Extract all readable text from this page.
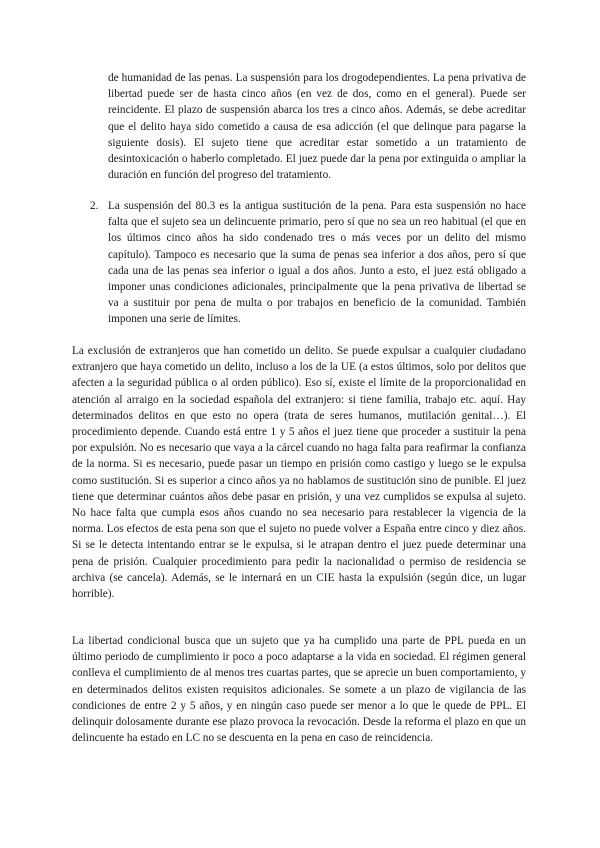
de humanidad de las penas. La suspensión para los drogodependientes. La pena privativa de libertad puede ser de hasta cinco años (en vez de dos, como en el general). Puede ser reincidente. El plazo de suspensión abarca los tres a cinco años. Además, se debe acreditar que el delito haya sido cometido a causa de esa adicción (el que delinque para pagarse la siguiente dosis). El sujeto tiene que acreditar estar sometido a un tratamiento de desintoxicación o haberlo completado. El juez puede dar la pena por extinguida o ampliar la duración en función del progreso del tratamiento.

2. La suspensión del 80.3 es la antigua sustitución de la pena. Para esta suspensión no hace falta que el sujeto sea un delincuente primario, pero sí que no sea un reo habitual (el que en los últimos cinco años ha sido condenado tres o más veces por un delito del mismo capítulo). Tampoco es necesario que la suma de penas sea inferior a dos años, pero sí que cada una de las penas sea inferior o igual a dos años. Junto a esto, el juez está obligado a imponer unas condiciones adicionales, principalmente que la pena privativa de libertad se va a sustituir por pena de multa o por trabajos en beneficio de la comunidad. También imponen una serie de límites.

La exclusión de extranjeros que han cometido un delito. Se puede expulsar a cualquier ciudadano extranjero que haya cometido un delito, incluso a los de la UE (a estos últimos, solo por delitos que afecten a la seguridad pública o al orden público). Eso sí, existe el límite de la proporcionalidad en atención al arraigo en la sociedad española del extranjero: si tiene familia, trabajo etc. aquí. Hay determinados delitos en que esto no opera (trata de seres humanos, mutilación genital…). El procedimiento depende. Cuando está entre 1 y 5 años el juez tiene que proceder a sustituir la pena por expulsión. No es necesario que vaya a la cárcel cuando no haga falta para reafirmar la confianza de la norma. Si es necesario, puede pasar un tiempo en prisión como castigo y luego se le expulsa como sustitución. Si es superior a cinco años ya no hablamos de sustitución sino de punible. El juez tiene que determinar cuántos años debe pasar en prisión, y una vez cumplidos se expulsa al sujeto. No hace falta que cumpla esos años cuando no sea necesario para restablecer la vigencia de la norma. Los efectos de esta pena son que el sujeto no puede volver a España entre cinco y diez años. Si se le detecta intentando entrar se le expulsa, si le atrapan dentro el juez puede determinar una pena de prisión. Cualquier procedimiento para pedir la nacionalidad o permiso de residencia se archiva (se cancela). Además, se le internará en un CIE hasta la expulsión (según dice, un lugar horrible).

La libertad condicional busca que un sujeto que ya ha cumplido una parte de PPL pueda en un último periodo de cumplimiento ir poco a poco adaptarse a la vida en sociedad. El régimen general conlleva el cumplimiento de al menos tres cuartas partes, que se aprecie un buen comportamiento, y en determinados delitos existen requisitos adicionales. Se somete a un plazo de vigilancia de las condiciones de entre 2 y 5 años, y en ningún caso puede ser menor a lo que le quede de PPL. El delinquir dolosamente durante ese plazo provoca la revocación. Desde la reforma el plazo en que un delincuente ha estado en LC no se descuenta en la pena en caso de reincidencia.
